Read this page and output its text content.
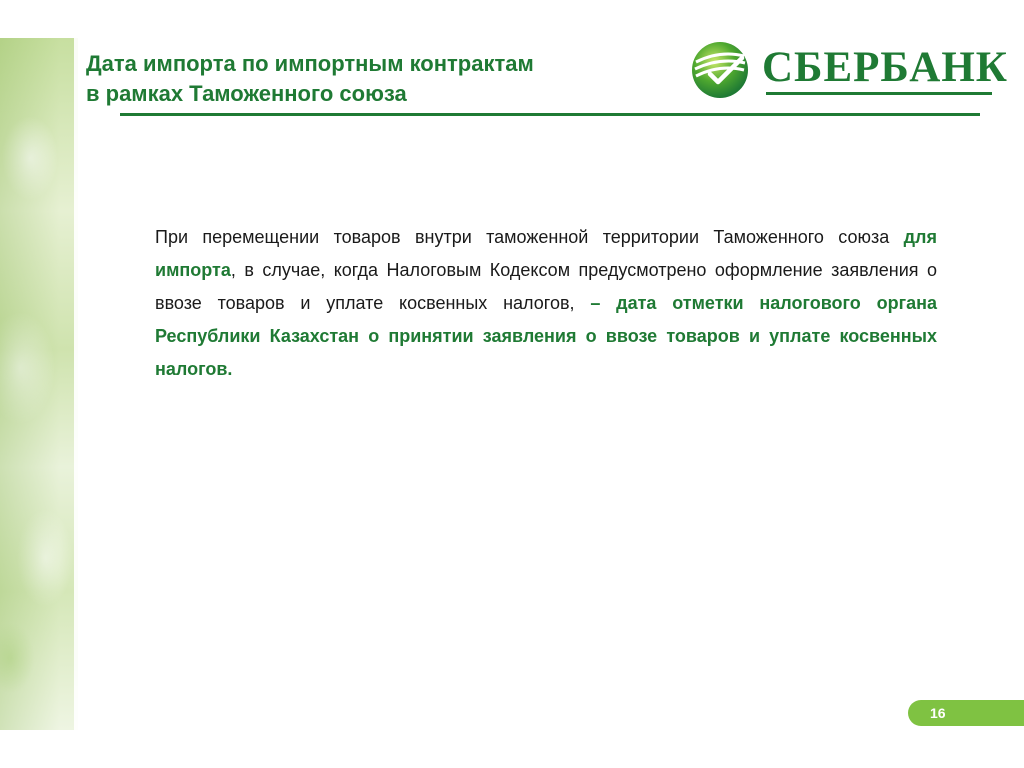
Дата импорта по импортным контрактам
в рамках Таможенного союза
СБЕРБАНК

При перемещении товаров внутри таможенной территории Таможенного союза для импорта, в случае, когда Налоговым Кодексом предусмотрено оформление заявления о ввозе товаров и уплате косвенных налогов, – дата отметки налогового органа Республики Казахстан о принятии заявления о ввозе товаров и уплате косвенных налогов.

16
